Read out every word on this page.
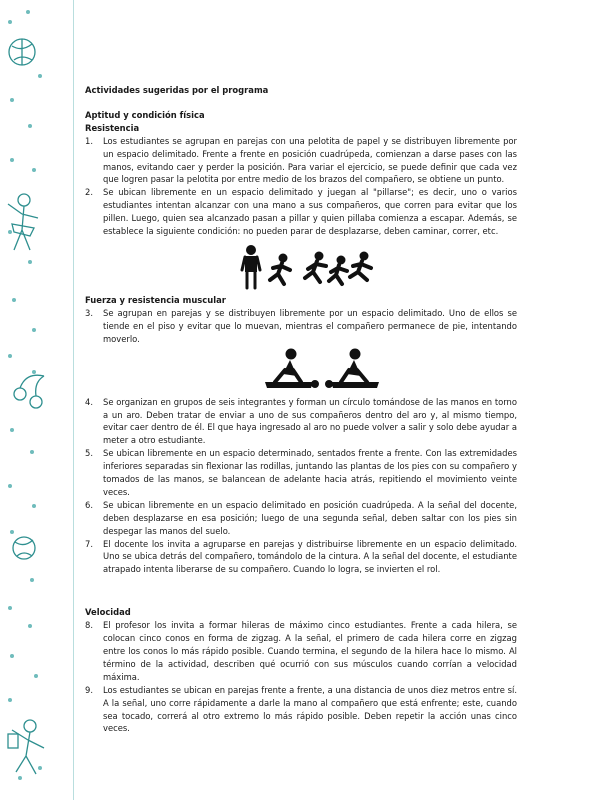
Actividades sugeridas por el programa
Aptitud y condición física
Resistencia
1. Los estudiantes se agrupan en parejas con una pelotita de papel y se distribuyen libremente por un espacio delimitado. Frente a frente en posición cuadrúpeda, comienzan a darse pases con las manos, evitando caer y perder la posición. Para variar el ejercicio, se puede definir que cada vez que logren pasar la pelotita por entre medio de los brazos del compañero, se obtiene un punto.
2. Se ubican libremente en un espacio delimitado y juegan al "pillarse"; es decir, uno o varios estudiantes intentan alcanzar con una mano a sus compañeros, que corren para evitar que los pillen. Luego, quien sea alcanzado pasan a pillar y quien pillaba comienza a escapar. Además, se establece la siguiente condición: no pueden parar de desplazarse, deben caminar, correr, etc.
Fuerza y resistencia muscular
3. Se agrupan en parejas y se distribuyen libremente por un espacio delimitado. Uno de ellos se tiende en el piso y evitar que lo muevan, mientras el compañero permanece de pie, intentando moverlo.
4. Se organizan en grupos de seis integrantes y forman un círculo tomándose de las manos en torno a un aro. Deben tratar de enviar a uno de sus compañeros dentro del aro y, al mismo tiempo, evitar caer dentro de él. El que haya ingresado al aro no puede volver a salir y solo debe ayudar a meter a otro estudiante.
5. Se ubican libremente en un espacio determinado, sentados frente a frente. Con las extremidades inferiores separadas sin flexionar las rodillas, juntando las plantas de los pies con su compañero y tomados de las manos, se balancean de adelante hacia atrás, repitiendo el movimiento veinte veces.
6. Se ubican libremente en un espacio delimitado en posición cuadrúpeda. A la señal del docente, deben desplazarse en esa posición; luego de una segunda señal, deben saltar con los pies sin despegar las manos del suelo.
7. El docente los invita a agruparse en parejas y distribuirse libremente en un espacio delimitado. Uno se ubica detrás del compañero, tomándolo de la cintura. A la señal del docente, el estudiante atrapado intenta liberarse de su compañero. Cuando lo logra, se invierten el rol.
Velocidad
8. El profesor los invita a formar hileras de máximo cinco estudiantes. Frente a cada hilera, se colocan cinco conos en forma de zigzag. A la señal, el primero de cada hilera corre en zigzag entre los conos lo más rápido posible. Cuando termina, el segundo de la hilera hace lo mismo. Al término de la actividad, describen qué ocurrió con sus músculos cuando corrían a velocidad máxima.
9. Los estudiantes se ubican en parejas frente a frente, a una distancia de unos diez metros entre sí. A la señal, uno corre rápidamente a darle la mano al compañero que está enfrente; este, cuando sea tocado, correrá al otro extremo lo más rápido posible. Deben repetir la acción unas cinco veces.
